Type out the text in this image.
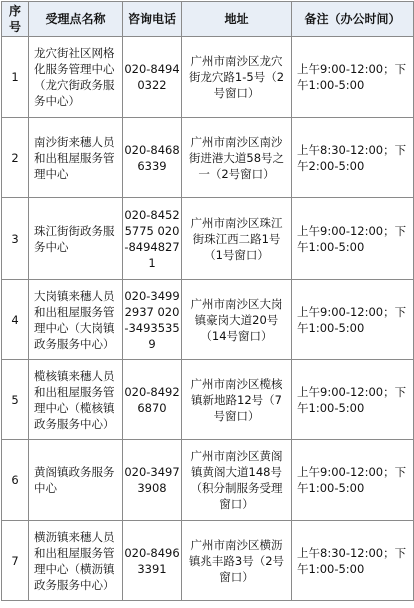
序号	受理点名称	咨询电话	地址	备注（办公时间）
1	龙穴街社区网格化服务管理中心（龙穴街政务服务中心）	020-84940322	广州市南沙区龙穴街龙穴路1-5号（2号窗口）	上午9:00-12:00；下午1:00-5:00
2	南沙街来穗人员和出租屋服务管理中心	020-84686339	广州市南沙区南沙街进港大道58号之一（2号窗口）	上午8:30-12:00；下午2:00-5:00
3	珠江街街政务服务中心	020-84525775 020-84948271	广州市南沙区珠江街珠江西二路1号（1号窗口）	上午9:00-12:00；下午1:00-5:00
4	大岗镇来穗人员和出租屋服务管理中心（大岗镇政务服务中心）	020-34992937 020-34935359	广州市南沙区大岗镇豪岗大道20号（14号窗口）	上午9:00-12:00；下午1:00-5:00
5	榄核镇来穗人员和出租屋服务管理中心（榄核镇政务服务中心）	020-84926870	广州市南沙区榄核镇新地路12号（7号窗口）	上午9:00-12:00；下午1:00-5:00
6	黄阁镇政务服务中心	020-34973908	广州市南沙区黄阁镇黄阁大道148号（积分制服务受理窗口）	上午9:00-12:00；下午1:00-5:00
7	横沥镇来穗人员和出租屋服务管理中心（横沥镇政务服务中心）	020-84963391	广州市南沙区横沥镇兆丰路3号（2号窗口）	上午8:30-12:00；下午1:00-5:00
